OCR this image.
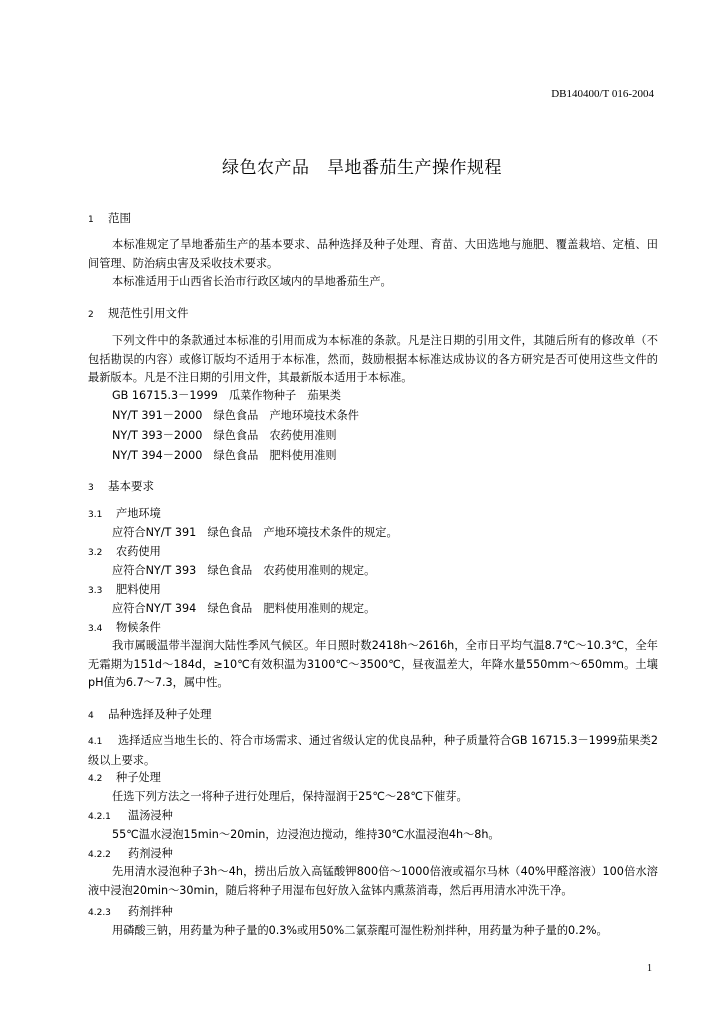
DB140400/T 016-2004
绿色农产品　旱地番茄生产操作规程
1 范围
本标准规定了旱地番茄生产的基本要求、品种选择及种子处理、育苗、大田选地与施肥、覆盖栽培、定植、田间管理、防治病虫害及采收技术要求。
本标准适用于山西省长治市行政区域内的旱地番茄生产。
2 规范性引用文件
下列文件中的条款通过本标准的引用而成为本标准的条款。凡是注日期的引用文件，其随后所有的修改单（不包括勘误的内容）或修订版均不适用于本标准，然而，鼓励根据本标准达成协议的各方研究是否可使用这些文件的最新版本。凡是不注日期的引用文件，其最新版本适用于本标准。
GB 16715.3－1999　瓜菜作物种子　茄果类
NY/T 391－2000　绿色食品　产地环境技术条件
NY/T 393－2000　绿色食品　农药使用准则
NY/T 394－2000　绿色食品　肥料使用准则
3 基本要求
3.1 产地环境
应符合NY/T 391　绿色食品　产地环境技术条件的规定。
3.2 农药使用
应符合NY/T 393　绿色食品　农药使用准则的规定。
3.3 肥料使用
应符合NY/T 394　绿色食品　肥料使用准则的规定。
3.4 物候条件
我市属暖温带半湿润大陆性季风气候区。年日照时数2418h～2616h，全市日平均气温8.7℃～10.3℃，全年无霜期为151d～184d，≥10℃有效积温为3100℃～3500℃，昼夜温差大，年降水量550mm～650mm。土壤pH值为6.7～7.3，属中性。
4 品种选择及种子处理
4.1 选择适应当地生长的、符合市场需求、通过省级认定的优良品种，种子质量符合GB 16715.3－1999茄果类2级以上要求。
4.2 种子处理
任选下列方法之一将种子进行处理后，保持湿润于25℃～28℃下催芽。
4.2.1 温汤浸种
55℃温水浸泡15min～20min，边浸泡边搅动，维持30℃水温浸泡4h～8h。
4.2.2 药剂浸种
先用清水浸泡种子3h～4h，捞出后放入高锰酸钾800倍～1000倍液或福尔马林（40%甲醛溶液）100倍水溶液中浸泡20min～30min，随后将种子用湿布包好放入盆钵内熏蒸消毒，然后再用清水冲洗干净。
4.2.3 药剂拌种
用磷酸三钠，用药量为种子量的0.3%或用50%二氯萘醌可湿性粉剂拌种，用药量为种子量的0.2%。
1
